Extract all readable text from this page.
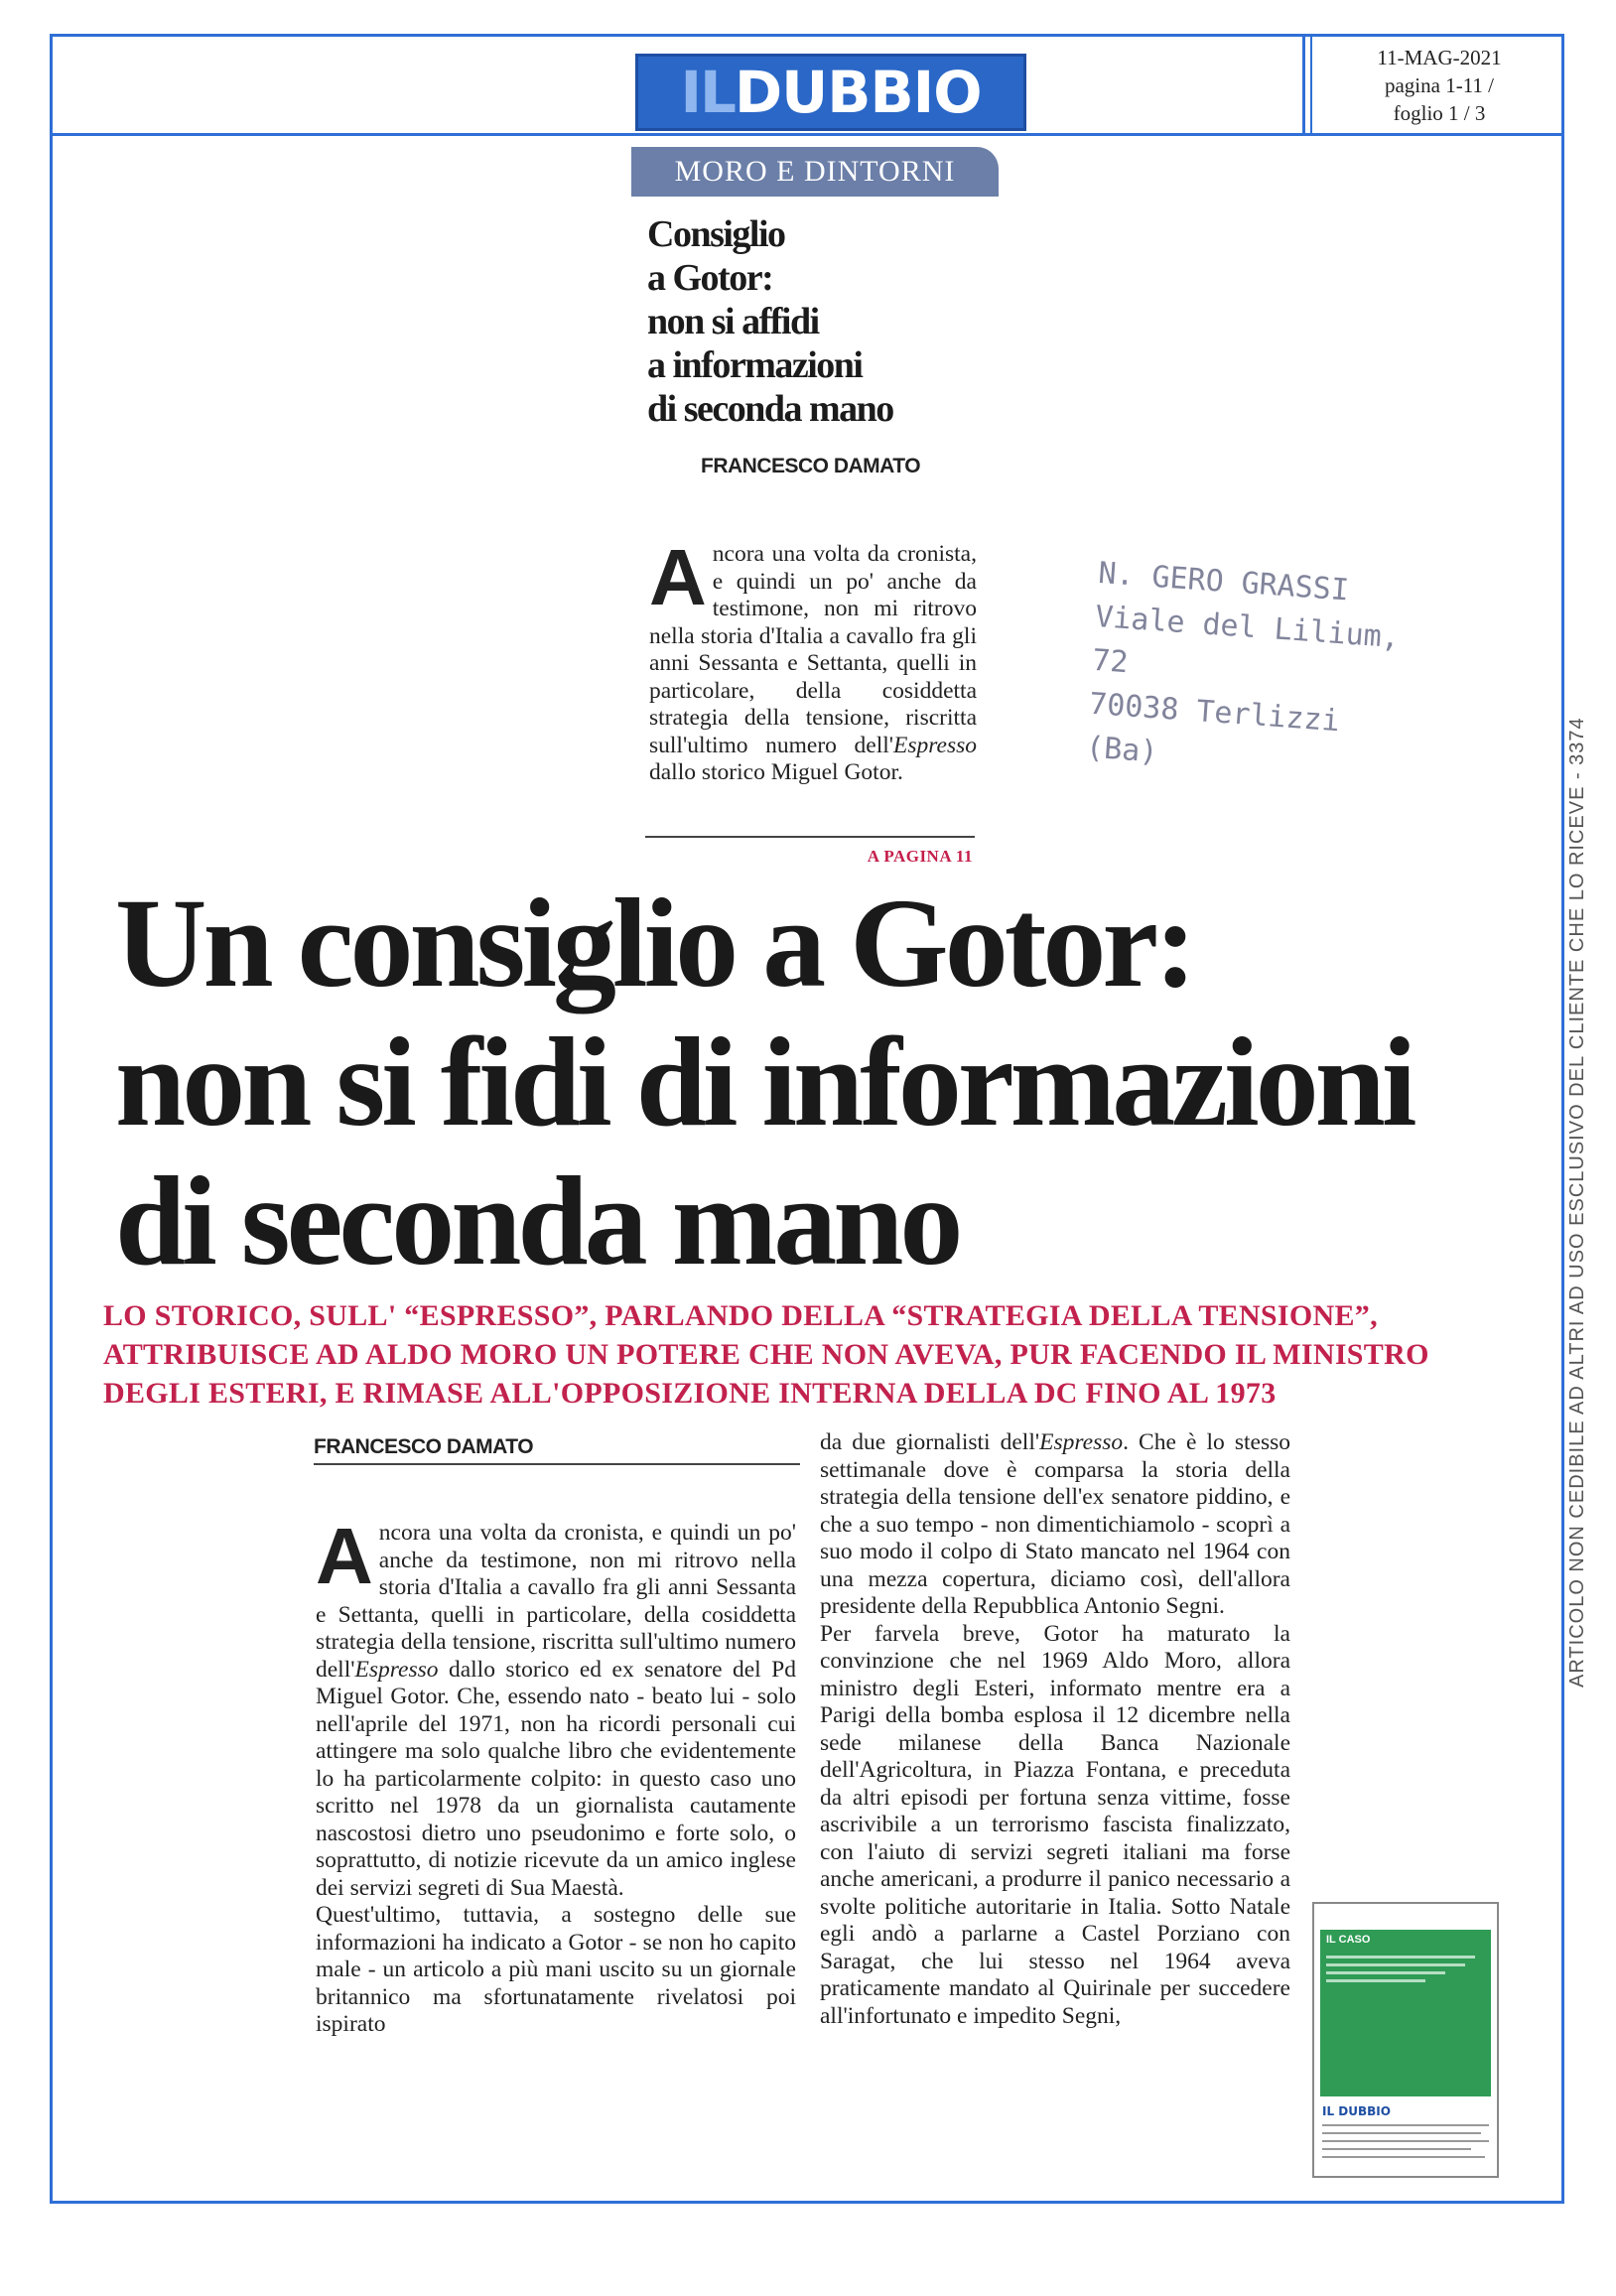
IL DUBBIO
11-MAG-2021
pagina 1-11 /
foglio 1 / 3
MORO E DINTORNI
Consiglio
a Gotor:
non si affidi
a informazioni
di seconda mano
FRANCESCO DAMATO
Ancora una volta da cronista, e quindi un po' anche da testimone, non mi ritrovo nella storia d'Italia a cavallo fra gli anni Sessanta e Settanta, quelli in particolare, della cosiddetta strategia della tensione, riscritta sull'ultimo numero dell'Espresso dallo storico Miguel Gotor.
A PAGINA 11
N. GERO GRASSI
Viale del Lilium, 72
70038 Terlizzi (Ba)
Un consiglio a Gotor:
non si fidi di informazioni
di seconda mano
LO STORICO, SULL' “ESPRESSO”, PARLANDO DELLA “STRATEGIA DELLA TENSIONE”,
ATTRIBUISCE AD ALDO MORO UN POTERE CHE NON AVEVA, PUR FACENDO IL MINISTRO
DEGLI ESTERI, E RIMASE ALL'OPPOSIZIONE INTERNA DELLA DC FINO AL 1973
FRANCESCO DAMATO

Ancora una volta da cronista, e quindi un po' anche da testimone, non mi ritrovo nella storia d'Italia a cavallo fra gli anni Sessanta e Settanta, quelli in particolare, della cosiddetta strategia della tensione, riscritta sull'ultimo numero dell'Espresso dallo storico ed ex senatore del Pd Miguel Gotor. Che, essendo nato - beato lui - solo nell'aprile del 1971, non ha ricordi personali cui attingere ma solo qualche libro che evidentemente lo ha particolarmente colpito: in questo caso uno scritto nel 1978 da un giornalista cautamente nascostosi dietro uno pseudonimo e forte solo, o soprattutto, di notizie ricevute da un amico inglese dei servizi segreti di Sua Maestà.

Quest'ultimo, tuttavia, a sostegno delle sue informazioni ha indicato a Gotor - se non ho capito male - un articolo a più mani uscito su un giornale britannico ma sfortunatamente rivelatosi poi ispirato

da due giornalisti dell'Espresso. Che è lo stesso settimanale dove è comparsa la storia della strategia della tensione dell'ex senatore piddino, e che a suo tempo - non dimentichiamolo - scoprì a suo modo il colpo di Stato mancato nel 1964 con una mezza copertura, diciamo così, dell'allora presidente della Repubblica Antonio Segni.

Per farvela breve, Gotor ha maturato la convinzione che nel 1969 Aldo Moro, allora ministro degli Esteri, informato mentre era a Parigi della bomba esplosa il 12 dicembre nella sede milanese della Banca Nazionale dell'Agricoltura, in Piazza Fontana, e preceduta da altri episodi per fortuna senza vittime, fosse ascrivibile a un terrorismo fascista finalizzato, con l'aiuto di servizi segreti italiani ma forse anche americani, a produrre il panico necessario a svolte politiche autoritarie in Italia. Sotto Natale egli andò a parlarne a Castel Porziano con Saragat, che lui stesso nel 1964 aveva praticamente mandato al Quirinale per succedere all'infortunato e impedito Segni,

IL CASO
IL DUBBIO
ARTICOLO NON CEDIBILE AD ALTRI AD USO ESCLUSIVO DEL CLIENTE CHE LO RICEVE - 3374
